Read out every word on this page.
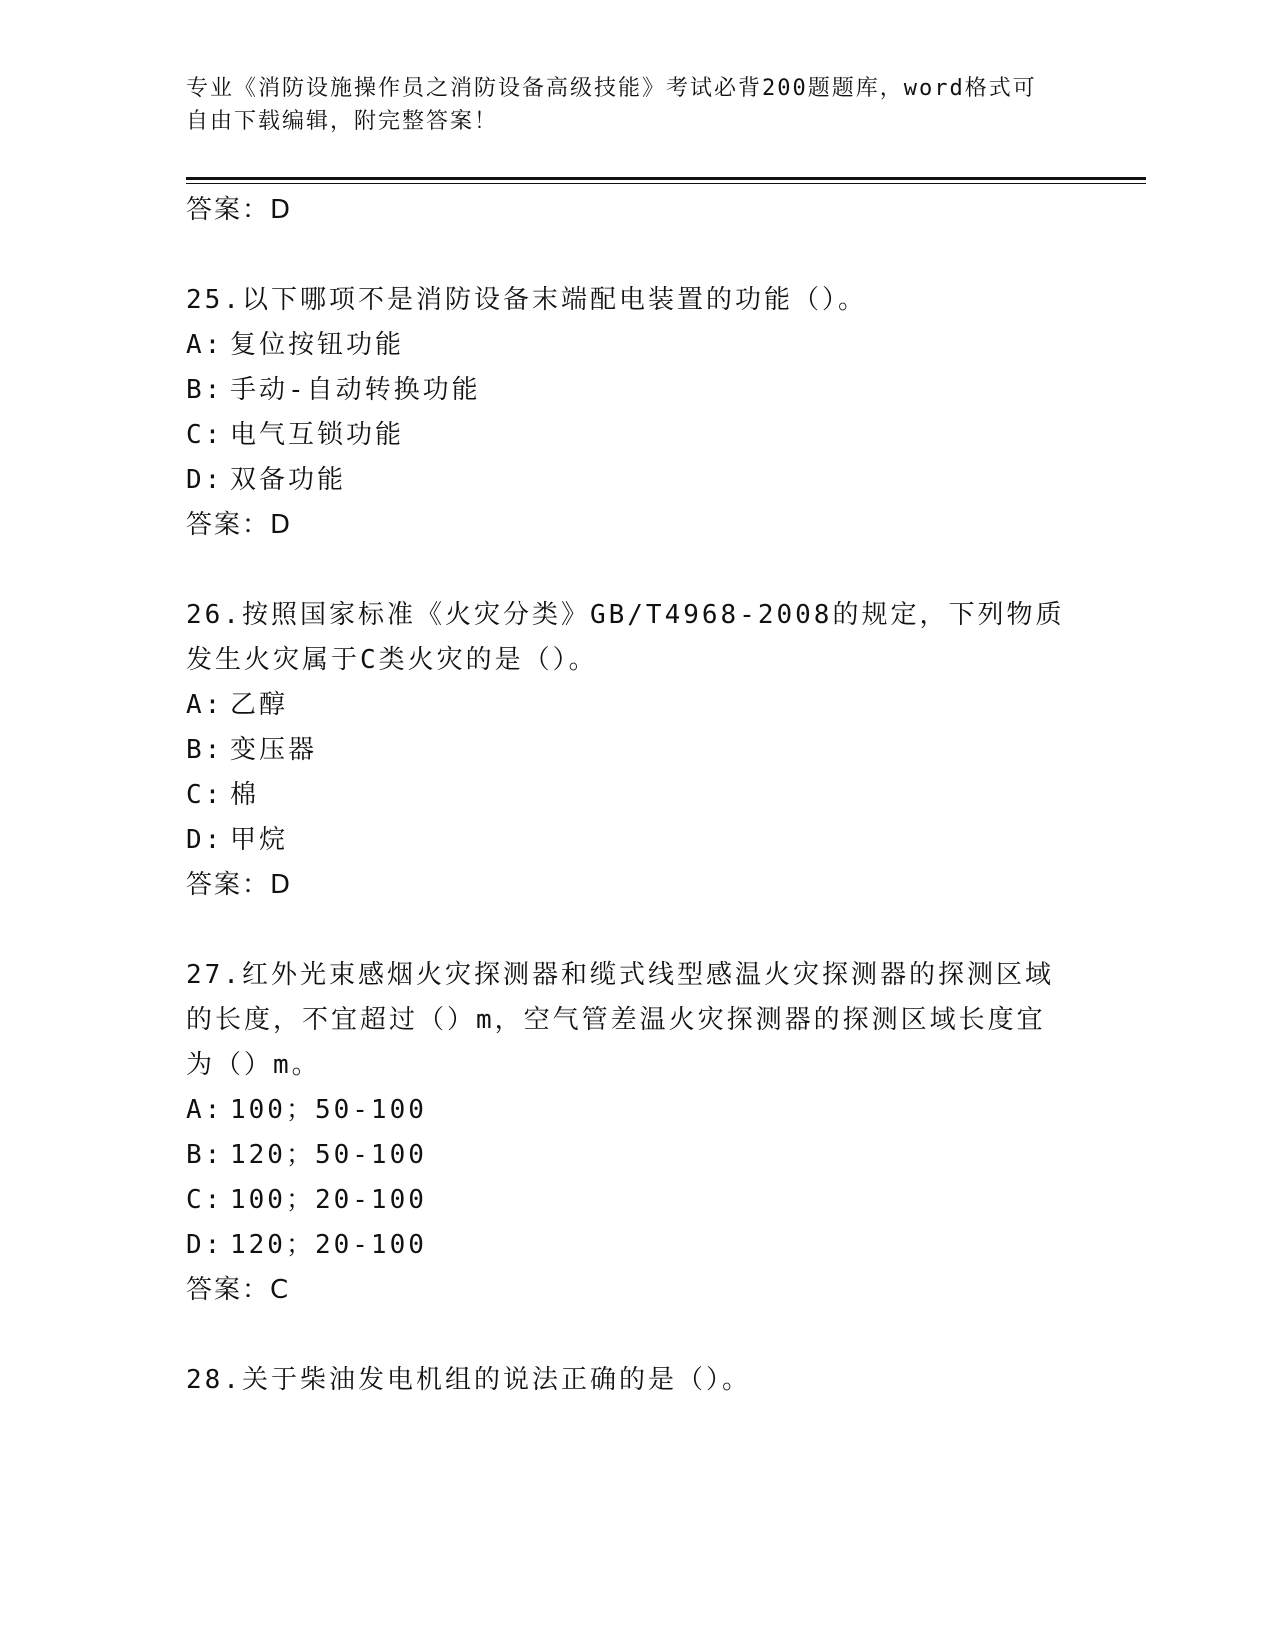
专业《消防设施操作员之消防设备高级技能》考试必背200题题库，word格式可
自由下载编辑，附完整答案！
答案：D
25.以下哪项不是消防设备末端配电装置的功能（）。
A: 复位按钮功能
B: 手动-自动转换功能
C: 电气互锁功能
D: 双备功能
答案：D
26.按照国家标准《火灾分类》GB/T4968-2008的规定，下列物质发生火灾属于C类火灾的是（）。
A: 乙醇
B: 变压器
C: 棉
D: 甲烷
答案：D
27.红外光束感烟火灾探测器和缆式线型感温火灾探测器的探测区域的长度，不宜超过（）m，空气管差温火灾探测器的探测区域长度宜为（）m。
A: 100；50-100
B: 120；50-100
C: 100；20-100
D: 120；20-100
答案：C
28.关于柴油发电机组的说法正确的是（）。
